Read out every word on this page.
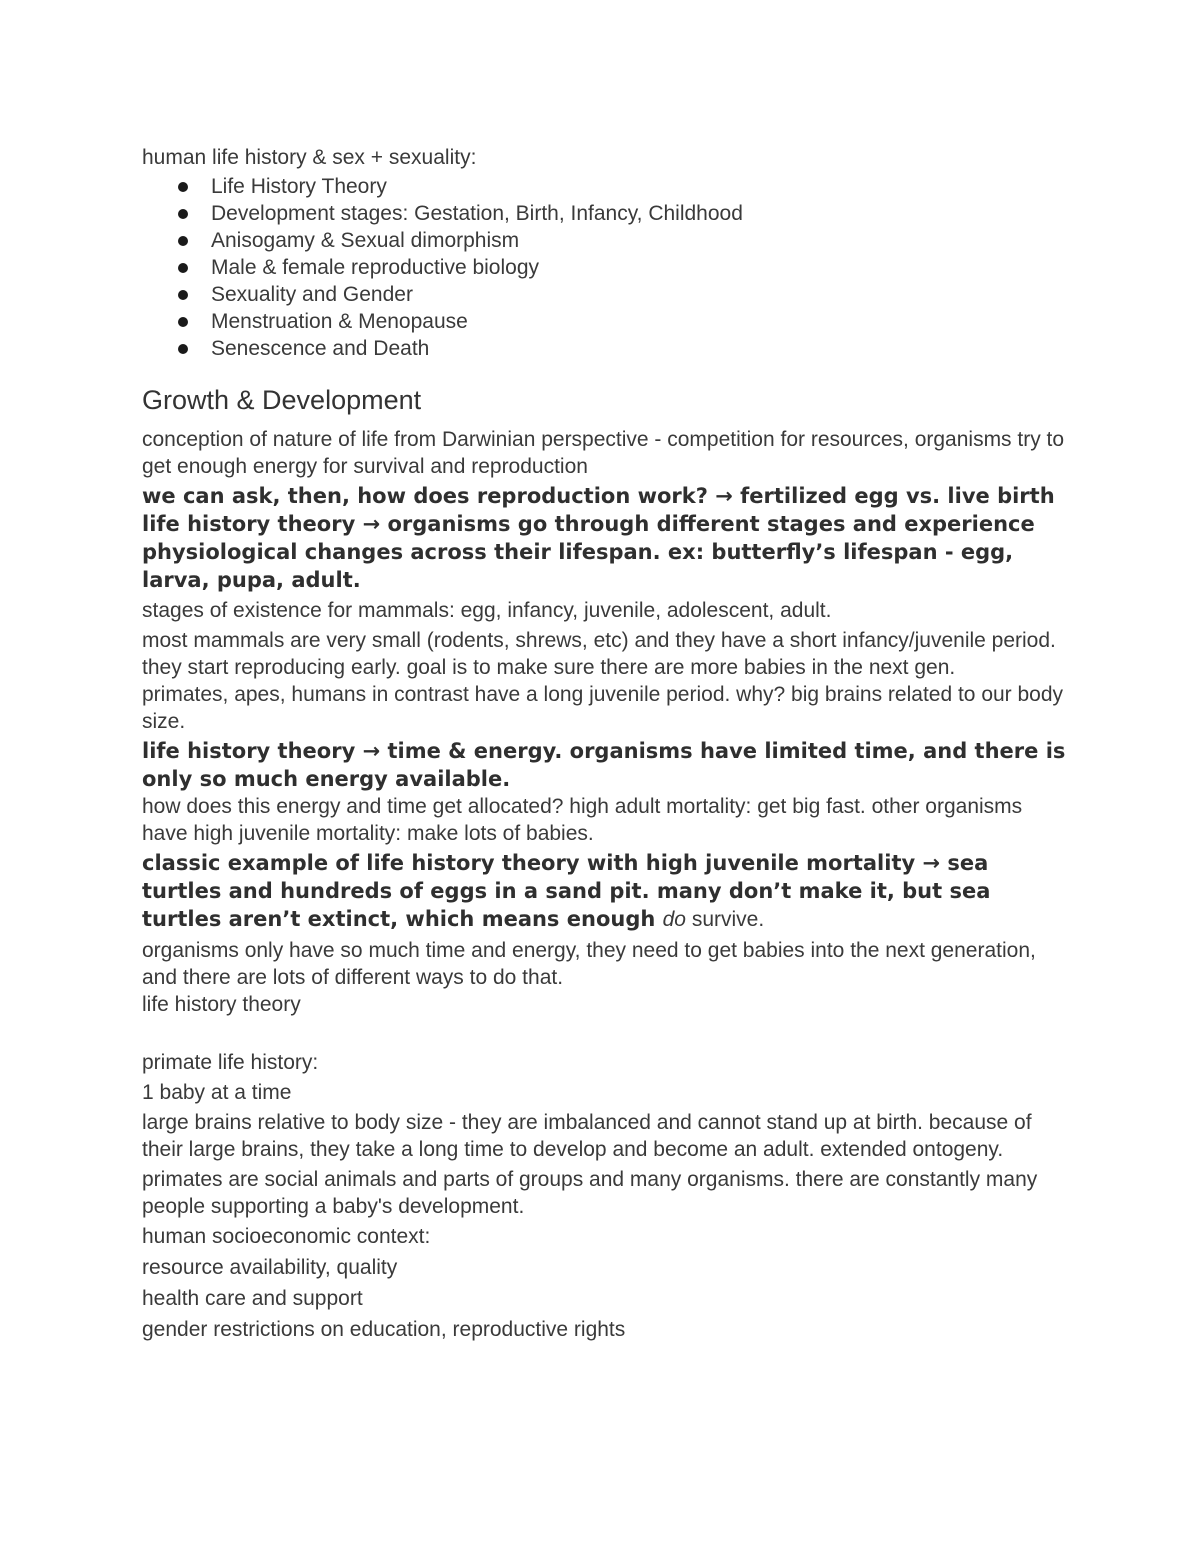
human life history & sex + sexuality:

Life History Theory
Development stages: Gestation, Birth, Infancy, Childhood
Anisogamy & Sexual dimorphism
Male & female reproductive biology
Sexuality and Gender
Menstruation & Menopause
Senescence and Death
Growth & Development

conception of nature of life from Darwinian perspective - competition for resources, organisms try to get enough energy for survival and reproduction

we can ask, then, how does reproduction work? → fertilized egg vs. live birth

life history theory → organisms go through different stages and experience physiological changes across their lifespan. ex: butterfly’s lifespan - egg, larva, pupa, adult.

stages of existence for mammals: egg, infancy, juvenile, adolescent, adult.

most mammals are very small (rodents, shrews, etc) and they have a short infancy/juvenile period. they start reproducing early. goal is to make sure there are more babies in the next gen.

primates, apes, humans in contrast have a long juvenile period. why? big brains related to our body size.

life history theory → time & energy. organisms have limited time, and there is only so much energy available.

how does this energy and time get allocated? high adult mortality: get big fast. other organisms have high juvenile mortality: make lots of babies.

classic example of life history theory with high juvenile mortality → sea turtles and hundreds of eggs in a sand pit. many don’t make it, but sea turtles aren’t extinct, which means enough do survive.

organisms only have so much time and energy, they need to get babies into the next generation, and there are lots of different ways to do that.

life history theory

primate life history:

1 baby at a time

large brains relative to body size - they are imbalanced and cannot stand up at birth. because of their large brains, they take a long time to develop and become an adult. extended ontogeny.

primates are social animals and parts of groups and many organisms. there are constantly many people supporting a baby's development.

human socioeconomic context:

resource availability, quality

health care and support

gender restrictions on education, reproductive rights
